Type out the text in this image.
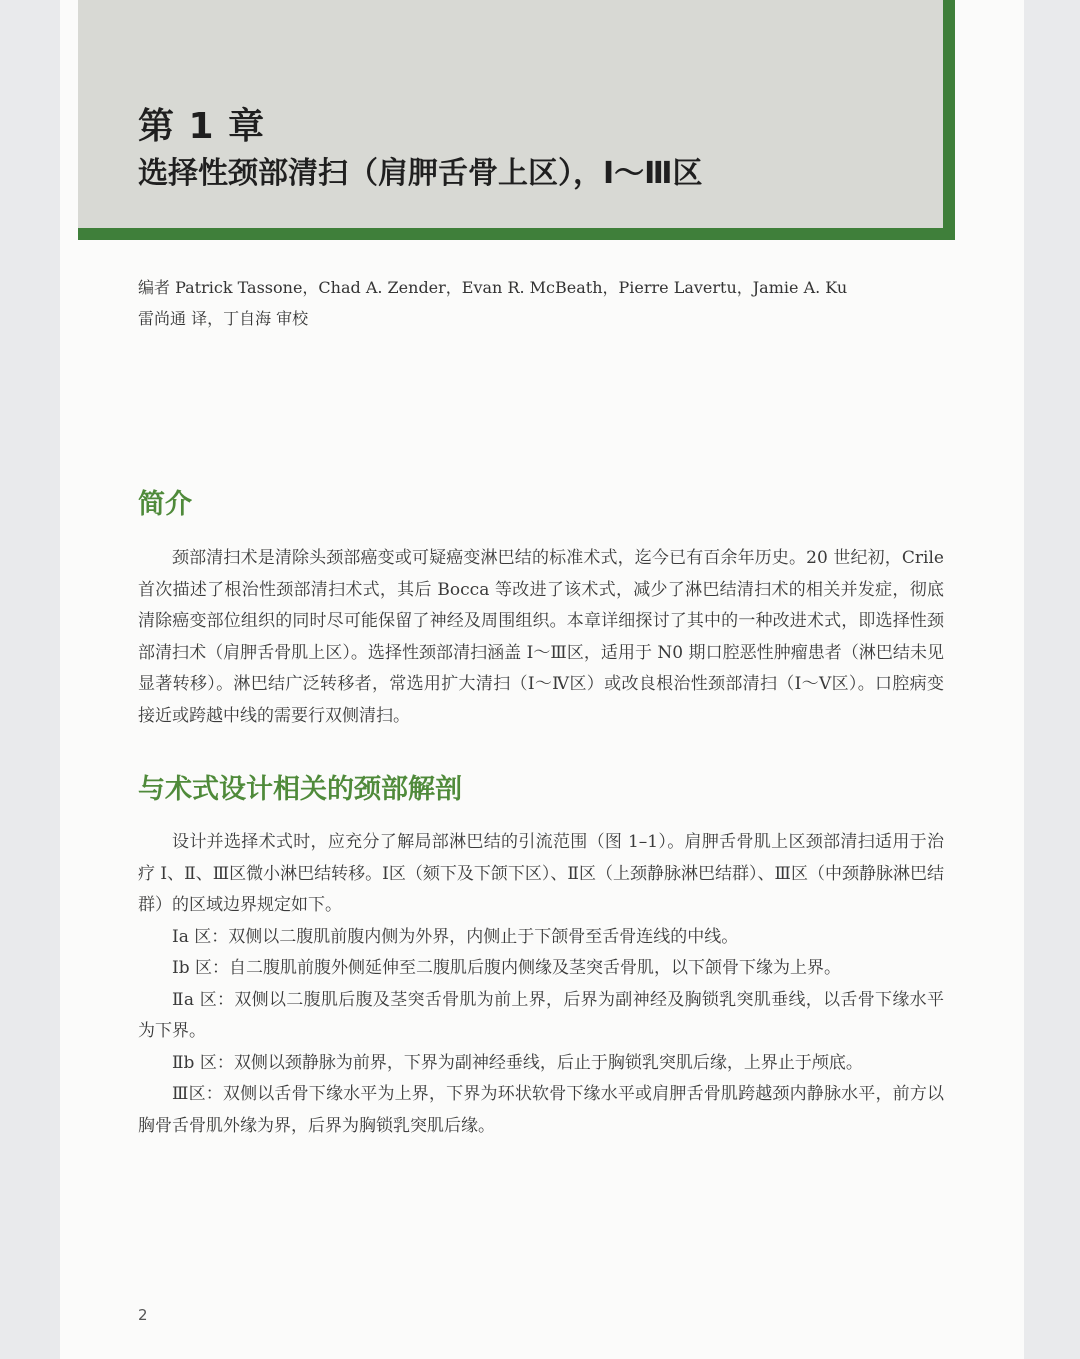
第 1 章
选择性颈部清扫（肩胛舌骨上区），Ⅰ～Ⅲ区
编者 Patrick Tassone，Chad A. Zender，Evan R. McBeath，Pierre Lavertu，Jamie A. Ku
雷尚通 译，丁自海 审校
简介

颈部清扫术是清除头颈部癌变或可疑癌变淋巴结的标准术式，迄今已有百余年历史。20 世纪初，Crile 首次描述了根治性颈部清扫术式，其后 Bocca 等改进了该术式，减少了淋巴结清扫术的相关并发症，彻底清除癌变部位组织的同时尽可能保留了神经及周围组织。本章详细探讨了其中的一种改进术式，即选择性颈部清扫术（肩胛舌骨肌上区）。选择性颈部清扫涵盖 Ⅰ～Ⅲ区，适用于 N0 期口腔恶性肿瘤患者（淋巴结未见显著转移）。淋巴结广泛转移者，常选用扩大清扫（Ⅰ～Ⅳ区）或改良根治性颈部清扫（Ⅰ～Ⅴ区）。口腔病变接近或跨越中线的需要行双侧清扫。

与术式设计相关的颈部解剖

设计并选择术式时，应充分了解局部淋巴结的引流范围（图 1–1）。肩胛舌骨肌上区颈部清扫适用于治疗 Ⅰ、Ⅱ、Ⅲ区微小淋巴结转移。Ⅰ区（颏下及下颌下区）、Ⅱ区（上颈静脉淋巴结群）、Ⅲ区（中颈静脉淋巴结群）的区域边界规定如下。

Ⅰa 区：双侧以二腹肌前腹内侧为外界，内侧止于下颌骨至舌骨连线的中线。

Ⅰb 区：自二腹肌前腹外侧延伸至二腹肌后腹内侧缘及茎突舌骨肌，以下颌骨下缘为上界。

Ⅱa 区：双侧以二腹肌后腹及茎突舌骨肌为前上界，后界为副神经及胸锁乳突肌垂线，以舌骨下缘水平为下界。

Ⅱb 区：双侧以颈静脉为前界，下界为副神经垂线，后止于胸锁乳突肌后缘，上界止于颅底。

Ⅲ区：双侧以舌骨下缘水平为上界，下界为环状软骨下缘水平或肩胛舌骨肌跨越颈内静脉水平，前方以胸骨舌骨肌外缘为界，后界为胸锁乳突肌后缘。

2
